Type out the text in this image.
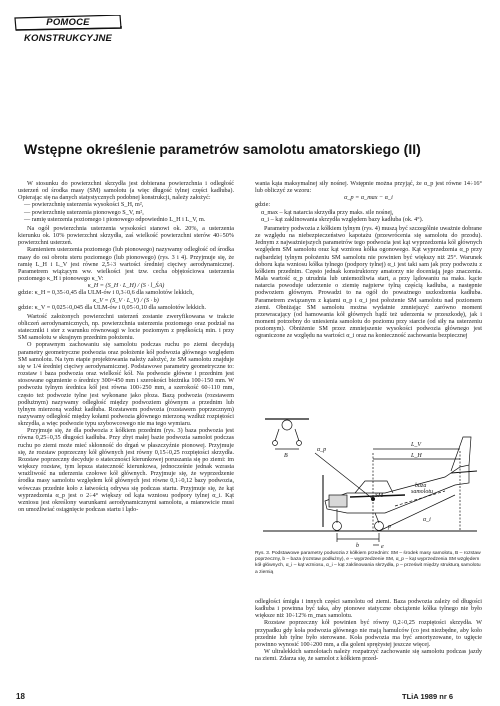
POMOCE KONSTRUKCYJNE
Wstępne określenie parametrów samolotu amatorskiego (II)

W stosunku do powierzchni skrzydła jest dobierana powierzchnia i odległość usterzeń od środka masy (SM) samolotu (a więc długość tylnej części kadłuba). Opierając się na danych statystycznych podobnej konstrukcji, należy założyć:

— powierzchnię usterzenia wysokości S_H, m²,

— powierzchnię usterzenia pionowego S_V, m²,

— ramię usterzenia poziomego i pionowego odpowiednio L_H i L_V, m.

Na ogół powierzchnia usterzenia wysokości stanowi ok. 20%, a usterzenia kierunku ok. 10% powierzchni skrzydła, zaś wielkość powierzchni sterów 40÷50% powierzchni usterzeń.

Ramieniem usterzenia poziomego (lub pionowego) nazywamy odległość od środka masy do osi obrotu steru poziomego (lub pionowego) (rys. 3 i 4). Przyjmuje się, że ramię L_H i L_V jest równe 2,5÷3 wartości średniej cięciwy aerodynamicznej. Parametrem wiążącym ww. wielkości jest tzw. cecha objętościowa usterzenia poziomego κ_H i pionowego κ_V:

κ_H = (S_H · L_H) / (S · l_ŚA)

gdzie: κ_H = 0,35÷0,45 dla ULM-ów i 0,3÷0,6 dla samolotów lekkich,

κ_V = (S_V · L_V) / (S · b)

gdzie: κ_V = 0,025÷0,045 dla ULM-ów i 0,05÷0,10 dla samolotów lekkich.

Wartość założonych powierzchni usterzeń zostanie zweryfikowana w trakcie obliczeń aerodynamicznych, np. powierzchnia usterzenia poziomego oraz podział na stateczniki i ster z warunku równowagi w locie poziomym z prędkością min. i przy SM samolotu w skrajnym przednim położeniu.

O poprawnym zachowaniu się samolotu podczas ruchu po ziemi decydują parametry geometryczne podwozia oraz położenie kół podwozia głównego względem SM samolotu. Na tym etapie projektowania należy założyć, że SM samolotu znajduje się w 1/4 średniej cięciwy aerodynamicznej. Podstawowe parametry geometryczne to: rozstaw i baza podwozia oraz wielkość kół. Na podwozie główne i przednim jest stosowane ogumienie o średnicy 300×450 mm i szerokości bieżnika 100÷150 mm. W podwoziu tylnym średnica kół jest równa 100÷250 mm, a szerokość 60÷110 mm, często też podwozie tylne jest wykonane jako płoza. Bazą podwozia (rozstawem podłużnym) nazywamy odległość między podwoziem głównym a przednim lub tylnym mierzoną wzdłuż kadłuba. Rozstawem podwozia (rozstawem poprzecznym) nazywamy odległość między kołami podwozia głównego mierzoną wzdłuż rozpiętości skrzydła, a więc podwozie typu szybowcowego nie ma tego wymiaru.

Przyjmuje się, że dla podwozia z kółkiem przednim (rys. 3) baza podwozia jest równa 0,25÷0,35 długości kadłuba. Przy zbyt małej bazie podwozia samolot podczas ruchu po ziemi może mieć skłonność do drgań w płaszczyźnie pionowej. Przyjmuje się, że rozstaw poprzeczny kół głównych jest równy 0,15÷0,25 rozpiętości skrzydła. Rozstaw poprzeczny decyduje o stateczności kierunkowej poruszania się po ziemi: im większy rozstaw, tym lepsza stateczność kierunkowa, jednocześnie jednak wzrasta wrażliwość na uderzenia czołowe kół głównych. Przyjmuje się, że wyprzedzenie środka masy samolotu względem kół głównych jest równe 0,1÷0,12 bazy podwozia, wówczas przednie koło z łatwością odrywa się podczas startu. Przyjmuje się, że kąt wyprzedzenia α_p jest o 2÷4° większy od kąta wzniosu podpory tylnej α_i. Kąt wzniosu jest określony warunkami aerodynamicznymi samolotu, a mianowicie musi on umożliwiać osiągnięcie podczas startu i lądo-

wania kąta maksymalnej siły nośnej. Wstępnie można przyjąć, że α_p jest równe 14÷16° lub obliczyć ze wzoru:

α_p = α_max − α_i

gdzie:

α_max – kąt natarcia skrzydła przy maks. sile nośnej,

α_i – kąt zaklinowania skrzydła względem bazy kadłuba (ok. 4°).

Parametry podwozia z kółkiem tylnym (rys. 4) muszą być szczególnie uważnie dobrane ze względu na niebezpieczeństwo kapotażu (przewrócenia się samolotu do przodu). Jednym z najważniejszych parametrów tego podwozia jest kąt wyprzedzenia kół głównych względem SM samolotu oraz kąt wzniosu kółka ogonowego. Kąt wyprzedzenia α_p przy najbardziej tylnym położeniu SM samolotu nie powinien być większy niż 25°. Warunek doboru kąta wzniosu kółka tylnego (podpory tylnej) α_i jest taki sam jak przy podwoziu z kółkiem przednim. Często jednak konstruktorzy amatorzy nie doceniają jego znaczenia. Mała wartość α_p utrudnia lub uniemożliwia start, a przy lądowaniu na maks. kącie natarcia powoduje uderzenie o ziemię najpierw tylną częścią kadłuba, a następnie podwoziem głównym. Prowadzi to na ogół do poważnego uszkodzenia kadłuba. Parametrem związanym z kątami α_p i α_i jest położenie SM samolotu nad poziomem ziemi. Obniżając SM samolotu można wydatnie zmniejszyć zarówno moment przewracający (od hamowania kół głównych bądź też uderzenia w przeszkodę), jak i moment potrzebny do uniesienia samolotu do poziomu przy starcie (od siły na usterzeniu poziomym). Obniżenie SM przez zmniejszenie wysokości podwozia głównego jest ograniczone ze względu na wartości α_i oraz na konieczność zachowania bezpiecznej

α_p
L_V
L_H
baza
samolotu
SM
b	e
p
α_i
B
Rys. 3. Podstawowe parametry podwozia z kółkiem przednim: SM – środek masy samolotu, B – rozstaw poprzeczny, b – baza (rozstaw podłużny), e – wyprzedzenie SM, α_p – kąt wyprzedzenia SM względem kół głównych, α_i – kąt wzniosu, α_i – kąt zaklinowania skrzydła, p – prześwit między strukturą samolotu a ziemią

odległości śmigła i innych części samolotu od ziemi. Baza podwozia zależy od długości kadłuba i powinna być taka, aby pionowe statyczne obciążenie kółka tylnego nie było większe niż 10÷12% m_max samolotu.

Rozstaw poprzeczny kół powinien być równy 0,2÷0,25 rozpiętości skrzydła. W przypadku gdy koła podwozia głównego nie mają hamulców (co jest niezbędne, aby koło przednie lub tylne było sterowane. Koła podwozia ma być amortyzowane, to ugięcie powinno wynosić 100÷200 mm, a dla goleni sprężystej jeszcze więcej.

W ultralekkich samolotach należy rozpatrzyć zachowanie się samolotu podczas jazdy na ziemi. Zdarza się, że samolot z kółkiem przed-

18	TLiA 1989 nr 6
